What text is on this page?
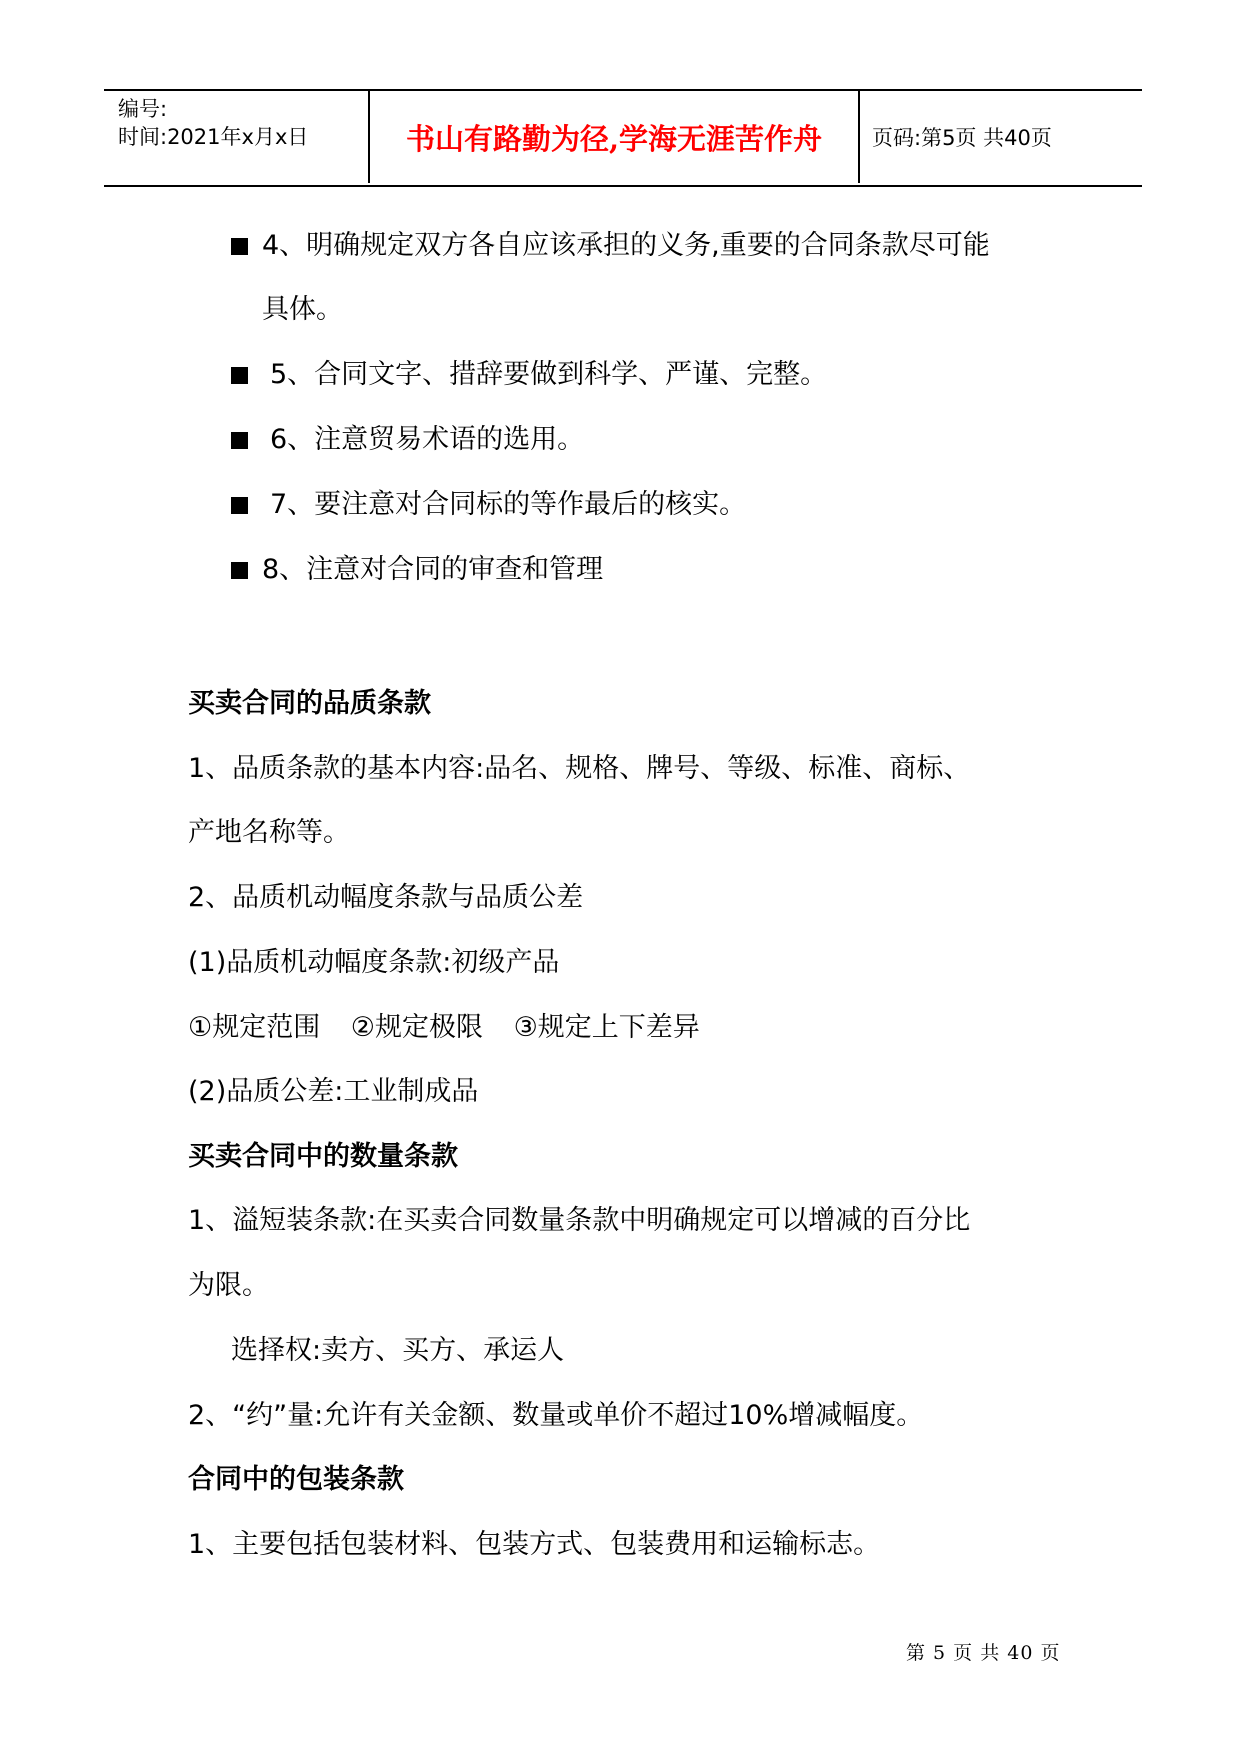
编号:
时间:2021年x月x日	书山有路勤为径,学海无涯苦作舟	页码:第5页 共40页
4、明确规定双方各自应该承担的义务,重要的合同条款尽可能
具体。
5、合同文字、措辞要做到科学、严谨、完整。
6、注意贸易术语的选用。
7、要注意对合同标的等作最后的核实。
8、注意对合同的审查和管理
买卖合同的品质条款
1、品质条款的基本内容:品名、规格、牌号、等级、标准、商标、
产地名称等。
2、品质机动幅度条款与品质公差
(1)品质机动幅度条款:初级产品
①规定范围 ②规定极限 ③规定上下差异
(2)品质公差:工业制成品
买卖合同中的数量条款
1、溢短装条款:在买卖合同数量条款中明确规定可以增减的百分比
为限。
选择权:卖方、买方、承运人
2、“约”量:允许有关金额、数量或单价不超过10%增减幅度。
合同中的包装条款
1、主要包括包装材料、包装方式、包装费用和运输标志。
第 5 页 共 40 页
